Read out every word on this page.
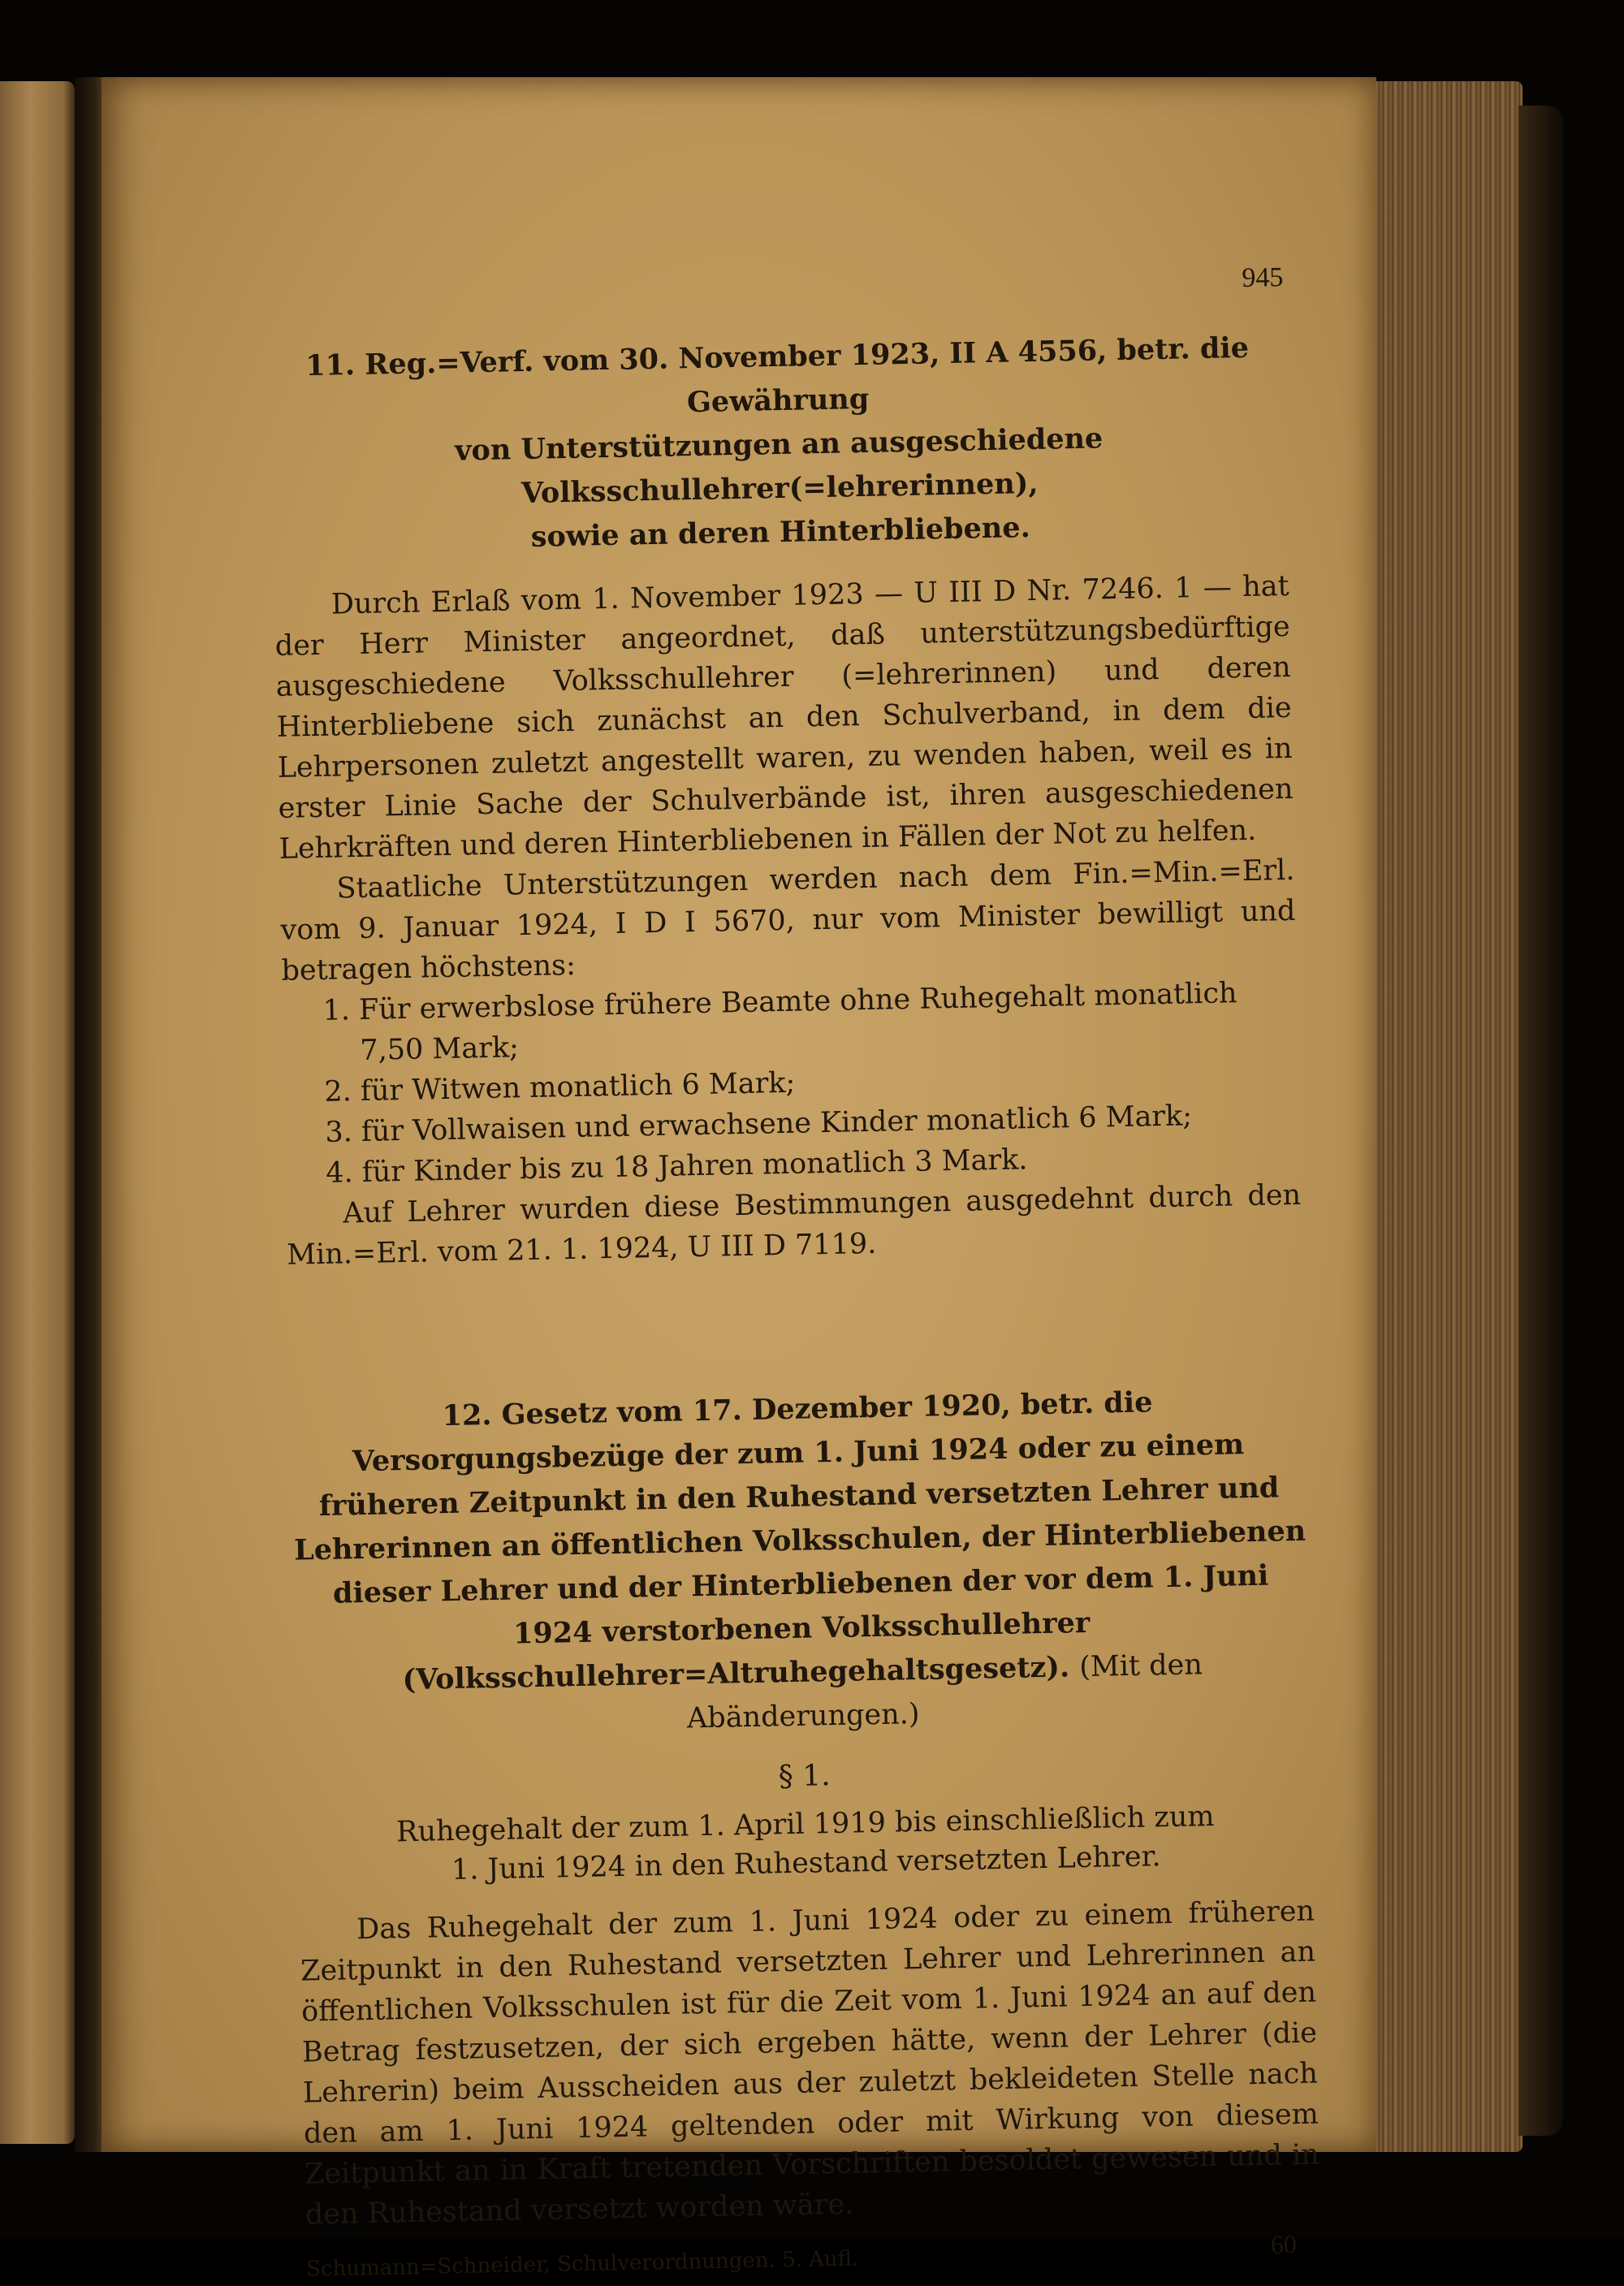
945

11. Reg.=Verf. vom 30. November 1923, II A 4556, betr. die Gewährung
von Unterstützungen an ausgeschiedene Volksschullehrer(=lehrerinnen),
sowie an deren Hinterbliebene.

Durch Erlaß vom 1. November 1923 — U III D Nr. 7246. 1 — hat der Herr Minister angeordnet, daß unterstützungsbedürftige ausgeschiedene Volksschullehrer (=lehrerinnen) und deren Hinterbliebene sich zunächst an den Schulverband, in dem die Lehrpersonen zuletzt angestellt waren, zu wenden haben, weil es in erster Linie Sache der Schulverbände ist, ihren ausgeschiedenen Lehrkräften und deren Hinterbliebenen in Fällen der Not zu helfen.

Staatliche Unterstützungen werden nach dem Fin.=Min.=Erl. vom 9. Januar 1924, I D I 5670, nur vom Minister bewilligt und betragen höchstens:

1. Für erwerbslose frühere Beamte ohne Ruhegehalt monatlich 7,50 Mark;
2. für Witwen monatlich 6 Mark;
3. für Vollwaisen und erwachsene Kinder monatlich 6 Mark;
4. für Kinder bis zu 18 Jahren monatlich 3 Mark.

Auf Lehrer wurden diese Bestimmungen ausgedehnt durch den Min.=Erl. vom 21. 1. 1924, U III D 7119.

12. Gesetz vom 17. Dezember 1920, betr. die Versorgungsbezüge der zum 1. Juni 1924 oder zu einem früheren Zeitpunkt in den Ruhestand versetzten Lehrer und Lehrerinnen an öffentlichen Volksschulen, der Hinterbliebenen dieser Lehrer und der Hinterbliebenen der vor dem 1. Juni 1924 verstorbenen Volksschullehrer (Volksschullehrer=Altruhegehaltsgesetz). (Mit den Abänderungen.)

§ 1.

Ruhegehalt der zum 1. April 1919 bis einschließlich zum
1. Juni 1924 in den Ruhestand versetzten Lehrer.

Das Ruhegehalt der zum 1. Juni 1924 oder zu einem früheren Zeitpunkt in den Ruhestand versetzten Lehrer und Lehrerinnen an öffentlichen Volksschulen ist für die Zeit vom 1. Juni 1924 an auf den Betrag festzusetzen, der sich ergeben hätte, wenn der Lehrer (die Lehrerin) beim Ausscheiden aus der zuletzt bekleideten Stelle nach den am 1. Juni 1924 geltenden oder mit Wirkung von diesem Zeitpunkt an in Kraft tretenden Vorschriften besoldet gewesen und in den Ruhestand versetzt worden wäre.

Schumann=Schneider, Schulverordnungen. 5. Aufl.
60
